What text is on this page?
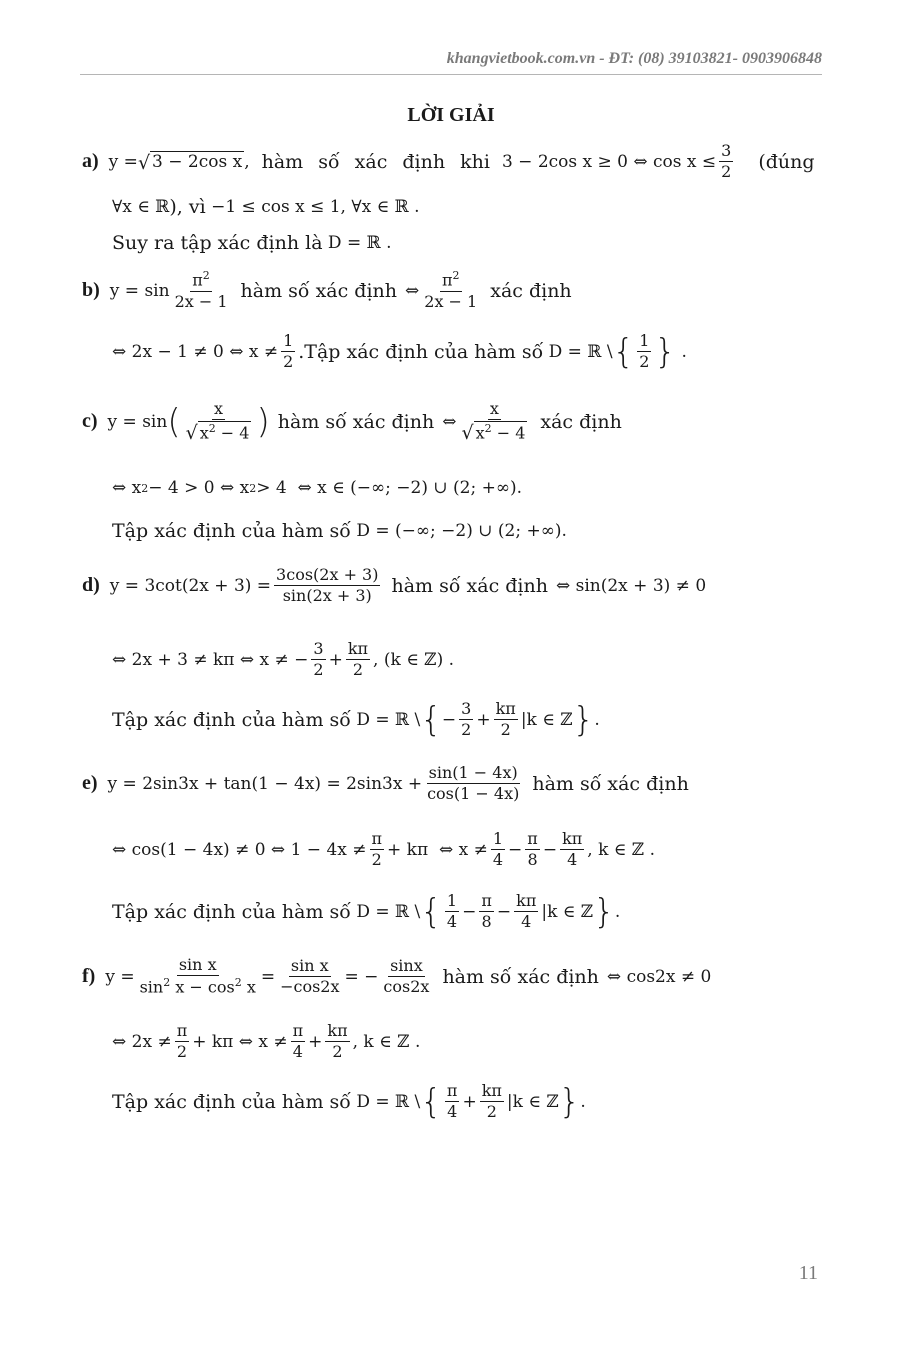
khangvietbook.com.vn - ĐT: (08) 39103821- 0903906848
LỜI GIẢI
a) y = √ 3 − 2cos x , hàm số xác định khi 3 − 2cos x ≥ 0 ⇔ $\cos x \le \frac{3}{2}$ (đúng
∀x ∈ ℝ ), vì −1 ≤ cos x ≤ 1, ∀x ∈ ℝ .
Suy ra tập xác định là D = ℝ .
b) $y = \sin \frac{\pi^2}{2x - 1}$ hàm số xác định ⇔ $\frac{\pi^2}{2x - 1}$ xác định
⇔ 2x − 1 ≠ 0 ⇔ $x \ne \frac{1}{2}$ .Tập xác định của hàm số D = ℝ \ { $\frac{1}{2}$ } .
c) y = sin ( $\frac{x}{√ x^2 - 4}$ ) hàm số xác định ⇔ $\frac{x}{√ x^2 - 4}$ xác định
⇔ x 2 − 4 > 0 ⇔ x 2 > 4  ⇔ x ∈ (−∞; −2) ∪ (2; +∞).
Tập xác định của hàm số D = (−∞; −2) ∪ (2; +∞).
d) $y = 3\cot(2x + 3) = \frac{3\cos(2x + 3)}{\sin(2x + 3)}$ hàm số xác định ⇔ sin(2x + 3) ≠ 0
⇔ 2x + 3 ≠ kπ ⇔ x ≠ − $\frac{3}{2} + \frac{k\pi}{2}$ , (k ∈ ℤ) .
Tập xác định của hàm số D = ℝ \ { − $\frac{3}{2} + \frac{k\pi}{2} |k$ ∈ ℤ } .
e) $y = 2\sin 3x + \tan(1 - 4x) = 2\sin 3x + \frac{\sin(1 - 4x)}{\cos(1 - 4x)}$ hàm số xác định
⇔ cos(1 − 4x) ≠ 0 ⇔ $1 - 4x \ne \frac{\pi}{2} + k\pi$  ⇔ $x \ne \frac{1}{4} - \frac{\pi}{8} - \frac{k\pi}{4}$ , k ∈ ℤ .
Tập xác định của hàm số D = ℝ \ { $\frac{1}{4} - \frac{\pi}{8} - \frac{k\pi}{4} |k$ ∈ ℤ } .
f) $y = \frac{\text{sin x}}{\sin^2 x - \cos^2 x} = \frac{\text{sin x}}{-\cos 2x}$ = − $\frac{\sin x}{\cos 2x}$ hàm số xác định ⇔ cos2x ≠ 0
⇔ $2x \ne \frac{\pi}{2} + k\pi$ ⇔ $x \ne \frac{\pi}{4} + \frac{k\pi}{2}$ , k ∈ ℤ .
Tập xác định của hàm số D = ℝ \ { $\frac{\pi}{4} + \frac{k\pi}{2} |k$ ∈ ℤ } .
11
